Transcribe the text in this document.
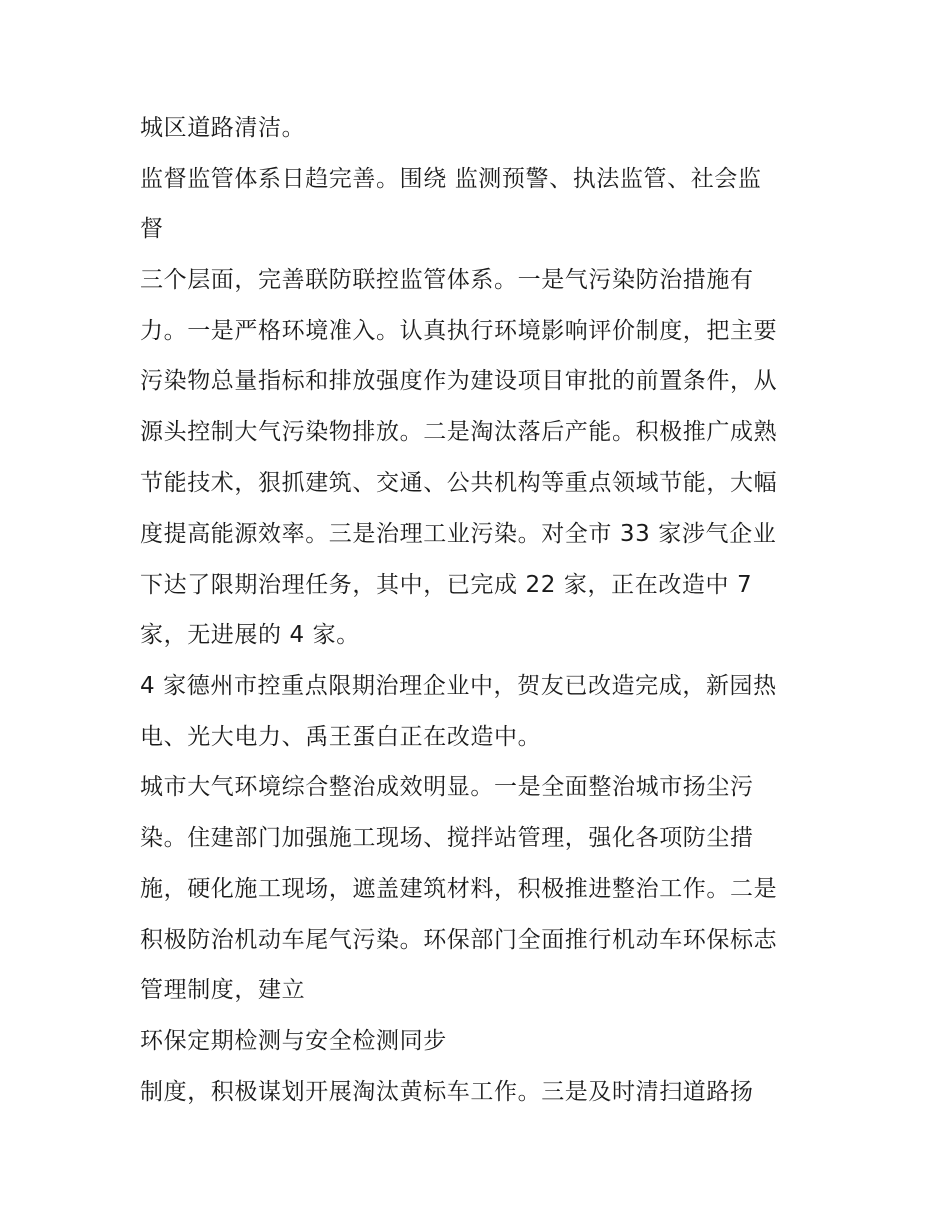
城区道路清洁。

监督监管体系日趋完善。围绕 监测预警、执法监管、社会监

督

三个层面，完善联防联控监管体系。一是气污染防治措施有

力。一是严格环境准入。认真执行环境影响评价制度，把主要

污染物总量指标和排放强度作为建设项目审批的前置条件，从

源头控制大气污染物排放。二是淘汰落后产能。积极推广成熟

节能技术，狠抓建筑、交通、公共机构等重点领域节能，大幅

度提高能源效率。三是治理工业污染。对全市 33 家涉气企业

下达了限期治理任务，其中，已完成 22 家，正在改造中 7

家，无进展的 4 家。

4 家德州市控重点限期治理企业中，贺友已改造完成，新园热

电、光大电力、禹王蛋白正在改造中。

城市大气环境综合整治成效明显。一是全面整治城市扬尘污

染。住建部门加强施工现场、搅拌站管理，强化各项防尘措

施，硬化施工现场，遮盖建筑材料，积极推进整治工作。二是

积极防治机动车尾气污染。环保部门全面推行机动车环保标志

管理制度，建立

环保定期检测与安全检测同步

制度，积极谋划开展淘汰黄标车工作。三是及时清扫道路扬
